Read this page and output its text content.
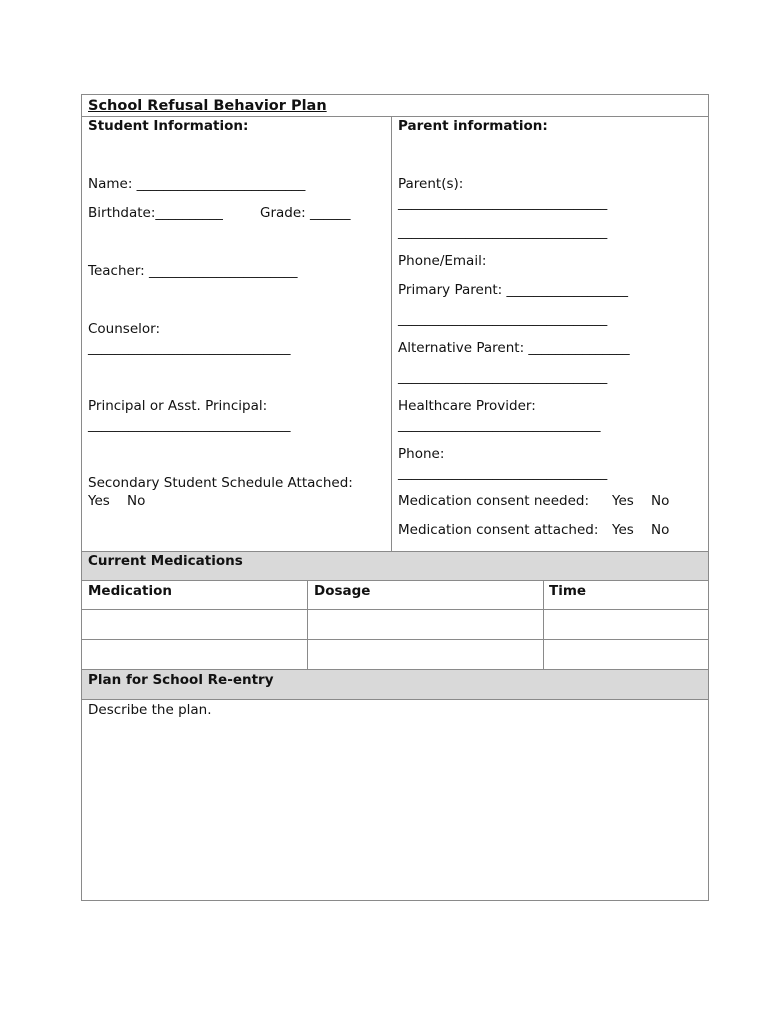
School Refusal Behavior Plan
Student Information:
Name: _________________________
Birthdate:__________	Grade: ______
Teacher: ______________________
Counselor:
______________________________
Principal or Asst. Principal:
______________________________
Secondary Student Schedule Attached:
Yes No
Parent information:
Parent(s):
_______________________________
_______________________________
Phone/Email:
Primary Parent: __________________
_______________________________
Alternative Parent: _______________
_______________________________
Healthcare Provider:
______________________________
Phone:
_______________________________
Medication consent needed: Yes No
Medication consent attached: Yes No
Current Medications
Medication	Dosage	Time
Plan for School Re-entry
Describe the plan.
